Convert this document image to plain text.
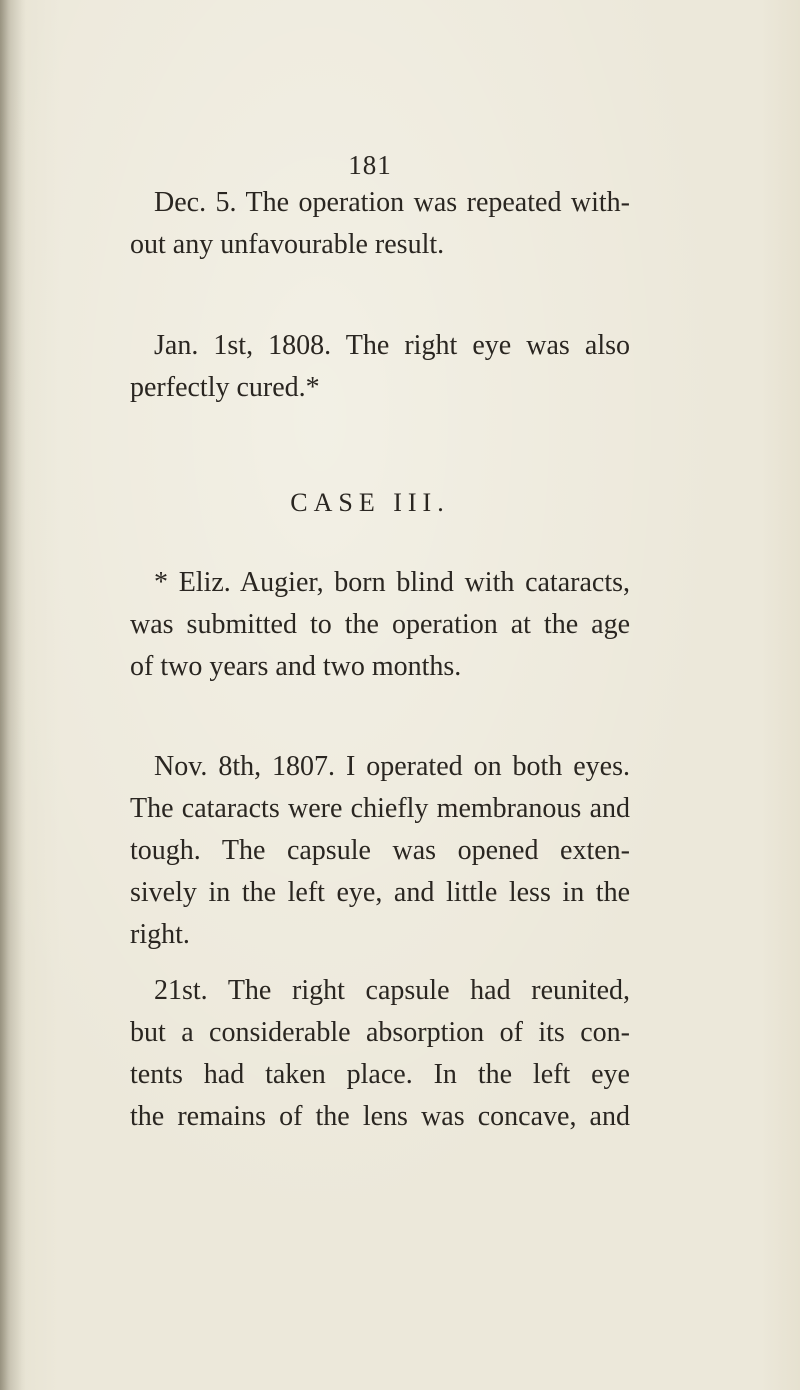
181
Dec. 5. The operation was repeated with-
out any unfavourable result.
Jan. 1st, 1808. The right eye was also
perfectly cured.*
CASE III.
* Eliz. Augier, born blind with cataracts,
was submitted to the operation at the age
of two years and two months.
Nov. 8th, 1807. I operated on both eyes.
The cataracts were chiefly membranous and
tough. The capsule was opened exten-
sively in the left eye, and little less in the
right.
21st. The right capsule had reunited,
but a considerable absorption of its con-
tents had taken place. In the left eye
the remains of the lens was concave, and
